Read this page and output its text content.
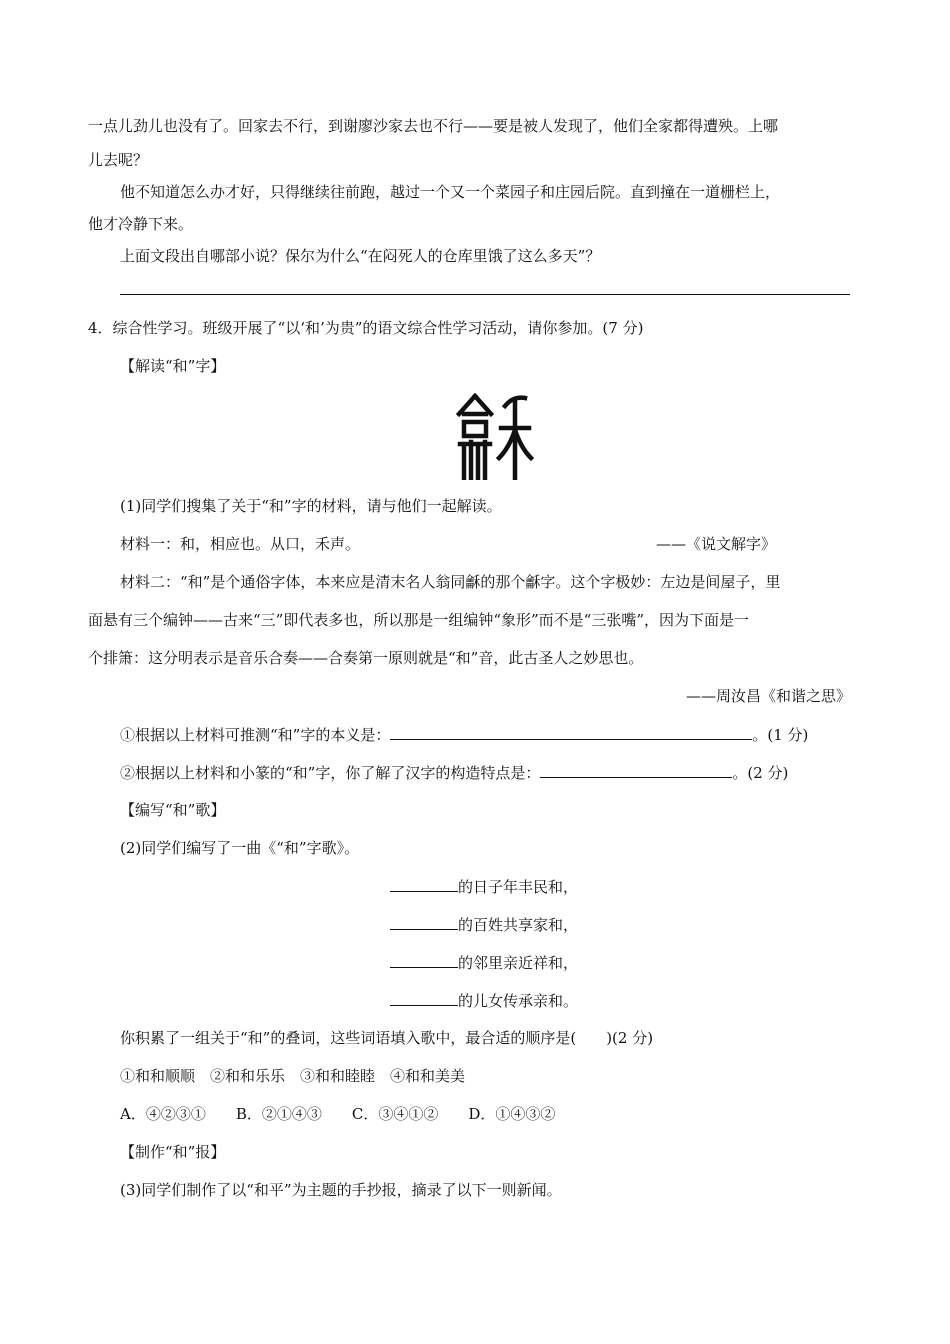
一点儿劲儿也没有了。回家去不行，到谢廖沙家去也不行——要是被人发现了，他们全家都得遭殃。上哪
儿去呢？
他不知道怎么办才好，只得继续往前跑，越过一个又一个菜园子和庄园后院。直到撞在一道栅栏上，
他才冷静下来。
上面文段出自哪部小说？保尔为什么“在闷死人的仓库里饿了这么多天”？
4．综合性学习。班级开展了“以‘和’为贵”的语文综合性学习活动，请你参加。(7 分)
【解读“和”字】
(1)同学们搜集了关于“和”字的材料，请与他们一起解读。
材料一：和，相应也。从口，禾声。	——《说文解字》
材料二：“和”是个通俗字体，本来应是清末名人翁同龢的那个龢字。这个字极妙：左边是间屋子，里
面悬有三个编钟——古来“三”即代表多也，所以那是一组编钟“象形”而不是“三张嘴”，因为下面是一
个排箫：这分明表示是音乐合奏——合奏第一原则就是“和”音，此古圣人之妙思也。
——周汝昌《和谐之思》
①根据以上材料可推测“和”字的本义是：	。(1 分)
②根据以上材料和小篆的“和”字，你了解了汉字的构造特点是：	。(2 分)
【编写“和”歌】
(2)同学们编写了一曲《“和”字歌》。
的日子年丰民和，
的百姓共享家和，
的邻里亲近祥和，
的儿女传承亲和。
你积累了一组关于“和”的叠词，这些词语填入歌中，最合适的顺序是(　　)(2 分)
①和和顺顺　②和和乐乐　③和和睦睦　④和和美美
A．④②③①　　B．②①④③　　C．③④①②　　D．①④③②
【制作“和”报】
(3)同学们制作了以“和平”为主题的手抄报，摘录了以下一则新闻。
